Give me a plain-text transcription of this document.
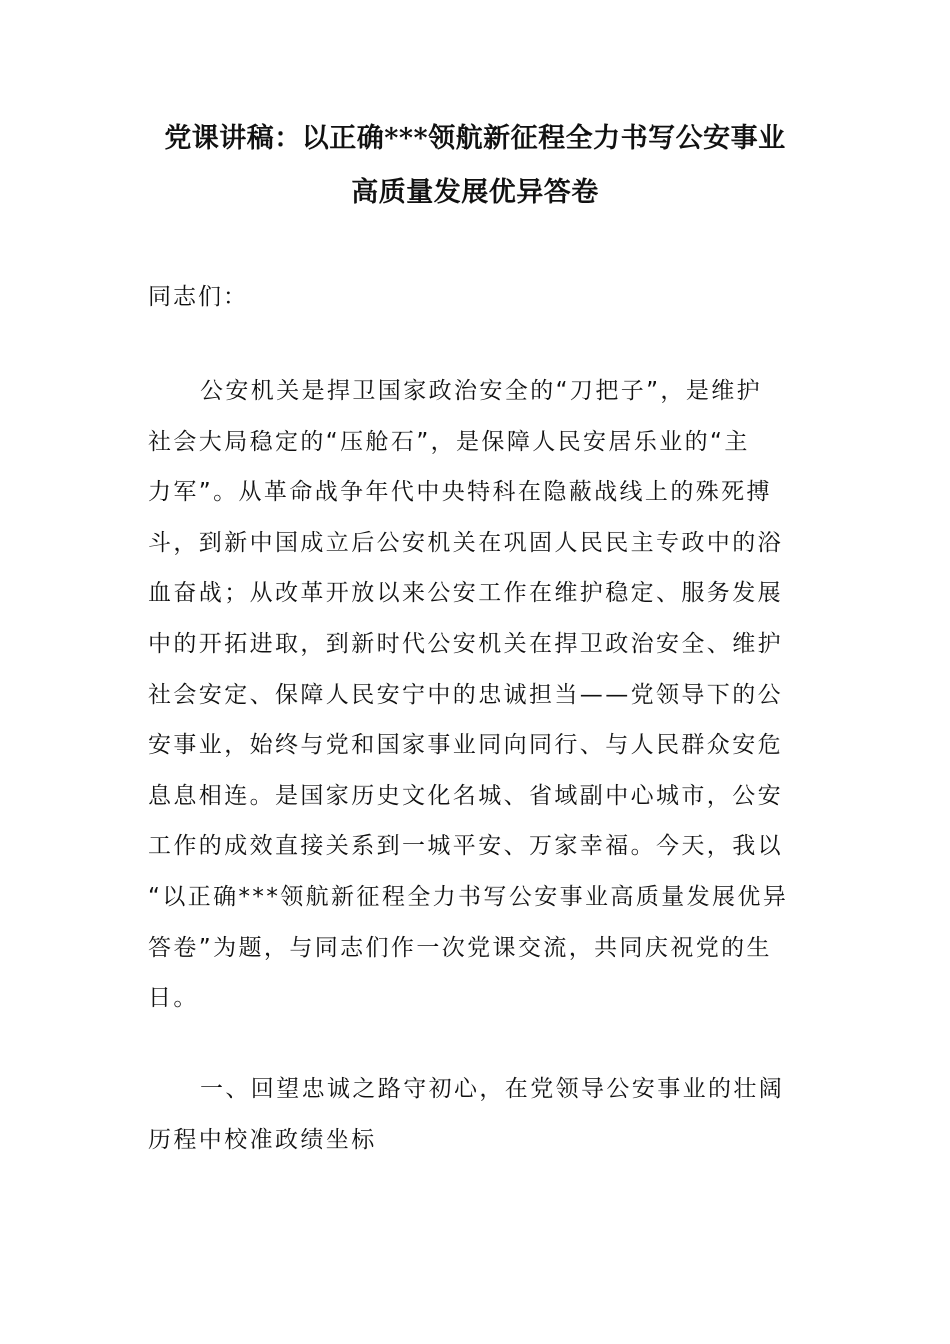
党课讲稿：以正确***领航新征程全力书写公安事业
高质量发展优异答卷

同志们：

公安机关是捍卫国家政治安全的“刀把子”，是维护
社会大局稳定的“压舱石”，是保障人民安居乐业的“主
力军”。从革命战争年代中央特科在隐蔽战线上的殊死搏
斗，到新中国成立后公安机关在巩固人民民主专政中的浴
血奋战；从改革开放以来公安工作在维护稳定、服务发展
中的开拓进取，到新时代公安机关在捍卫政治安全、维护
社会安定、保障人民安宁中的忠诚担当——党领导下的公
安事业，始终与党和国家事业同向同行、与人民群众安危
息息相连。是国家历史文化名城、省域副中心城市，公安
工作的成效直接关系到一城平安、万家幸福。今天，我以
“以正确***领航新征程全力书写公安事业高质量发展优异
答卷”为题，与同志们作一次党课交流，共同庆祝党的生
日。

一、回望忠诚之路守初心，在党领导公安事业的壮阔
历程中校准政绩坐标
